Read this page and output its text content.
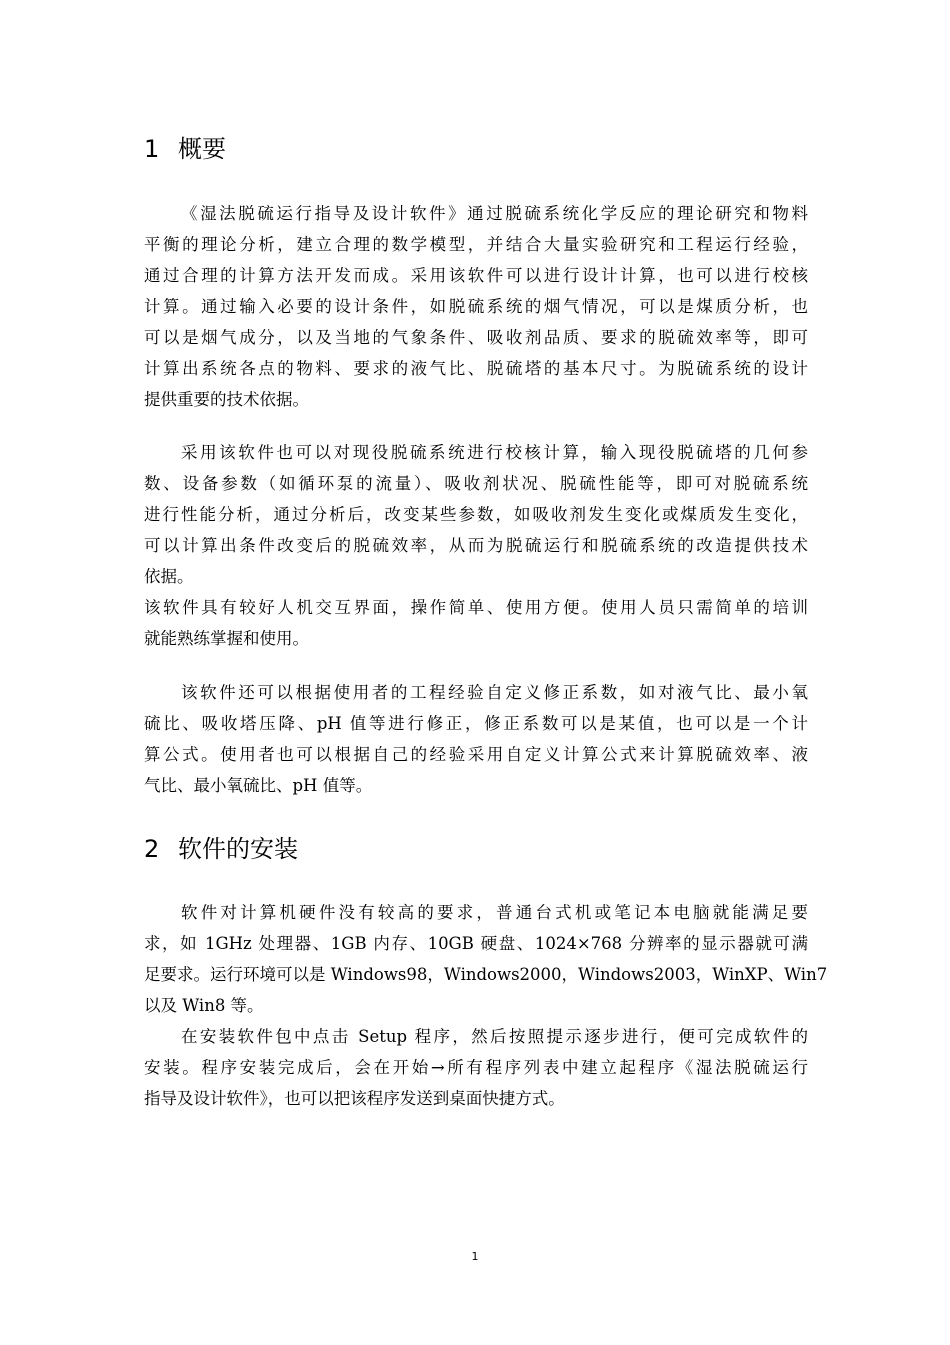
1 概要
《湿法脱硫运行指导及设计软件》通过脱硫系统化学反应的理论研究和物料
平衡的理论分析，建立合理的数学模型，并结合大量实验研究和工程运行经验，
通过合理的计算方法开发而成。采用该软件可以进行设计计算，也可以进行校核
计算。通过输入必要的设计条件，如脱硫系统的烟气情况，可以是煤质分析，也
可以是烟气成分，以及当地的气象条件、吸收剂品质、要求的脱硫效率等，即可
计算出系统各点的物料、要求的液气比、脱硫塔的基本尺寸。为脱硫系统的设计
提供重要的技术依据。
采用该软件也可以对现役脱硫系统进行校核计算，输入现役脱硫塔的几何参
数、设备参数（如循环泵的流量）、吸收剂状况、脱硫性能等，即可对脱硫系统
进行性能分析，通过分析后，改变某些参数，如吸收剂发生变化或煤质发生变化，
可以计算出条件改变后的脱硫效率，从而为脱硫运行和脱硫系统的改造提供技术
依据。
该软件具有较好人机交互界面，操作简单、使用方便。使用人员只需简单的培训
就能熟练掌握和使用。
该软件还可以根据使用者的工程经验自定义修正系数，如对液气比、最小氧
硫比、吸收塔压降、pH 值等进行修正，修正系数可以是某值，也可以是一个计
算公式。使用者也可以根据自己的经验采用自定义计算公式来计算脱硫效率、液
气比、最小氧硫比、pH 值等。
2 软件的安装
软件对计算机硬件没有较高的要求，普通台式机或笔记本电脑就能满足要
求，如 1GHz 处理器、1GB 内存、10GB 硬盘、1024×768 分辨率的显示器就可满
足要求。运行环境可以是 Windows98，Windows2000，Windows2003，WinXP、Win7
以及 Win8 等。
在安装软件包中点击 Setup 程序，然后按照提示逐步进行，便可完成软件的
安装。程序安装完成后，会在开始→所有程序列表中建立起程序《湿法脱硫运行
指导及设计软件》，也可以把该程序发送到桌面快捷方式。
1
